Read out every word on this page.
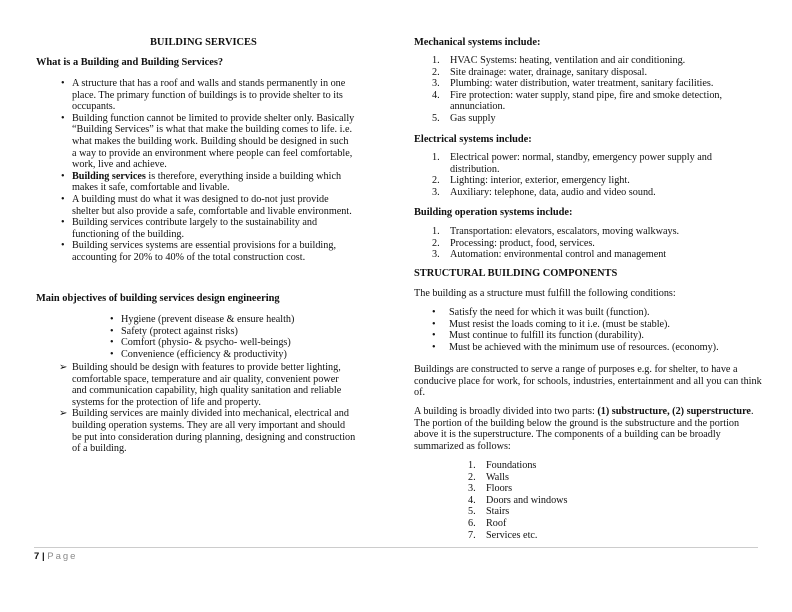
BUILDING SERVICES
What is a Building and Building Services?
• A structure that has a roof and walls and stands permanently in one
place. The primary function of buildings is to provide shelter to its
occupants.
• Building function cannot be limited to provide shelter only. Basically
“Building Services” is what that make the building comes to life. i.e.
what makes the building work. Building should be designed in such
a way to provide an environment where people can feel comfortable,
work, live and achieve.
• Building services is therefore, everything inside a building which
makes it safe, comfortable and livable.
• A building must do what it was designed to do-not just provide
shelter but also provide a safe, comfortable and livable environment.
• Building services contribute largely to the sustainability and
functioning of the building.
• Building services systems are essential provisions for a building,
accounting for 20% to 40% of the total construction cost.
Main objectives of building services design engineering
• Hygiene (prevent disease & ensure health)
• Safety (protect against risks)
• Comfort (physio- & psycho- well-beings)
• Convenience (efficiency & productivity)
➢ Building should be design with features to provide better lighting,
comfortable space, temperature and air quality, convenient power
and communication capability, high quality sanitation and reliable
systems for the protection of life and property.
➢ Building services are mainly divided into mechanical, electrical and
building operation systems. They are all very important and should
be put into consideration during planning, designing and construction
of a building.
Mechanical systems include:
1. HVAC Systems: heating, ventilation and air conditioning.
2. Site drainage: water, drainage, sanitary disposal.
3. Plumbing: water distribution, water treatment, sanitary facilities.
4. Fire protection: water supply, stand pipe, fire and smoke detection,
annunciation.
5. Gas supply
Electrical systems include:
1. Electrical power: normal, standby, emergency power supply and
distribution.
2. Lighting: interior, exterior, emergency light.
3. Auxiliary: telephone, data, audio and video sound.
Building operation systems include:
1. Transportation: elevators, escalators, moving walkways.
2. Processing: product, food, services.
3. Automation: environmental control and management
STRUCTURAL BUILDING COMPONENTS
The building as a structure must fulfill the following conditions:
• Satisfy the need for which it was built (function).
• Must resist the loads coming to it i.e. (must be stable).
• Must continue to fulfill its function (durability).
• Must be achieved with the minimum use of resources. (economy).
Buildings are constructed to serve a range of purposes e.g. for shelter, to have a
conducive place for work, for schools, industries, entertainment and all you can think
of.
A building is broadly divided into two parts: (1) substructure, (2) superstructure.
The portion of the building below the ground is the substructure and the portion
above it is the superstructure. The components of a building can be broadly
summarized as follows:
1. Foundations
2. Walls
3. Floors
4. Doors and windows
5. Stairs
6. Roof
7. Services etc.
7 | Page
